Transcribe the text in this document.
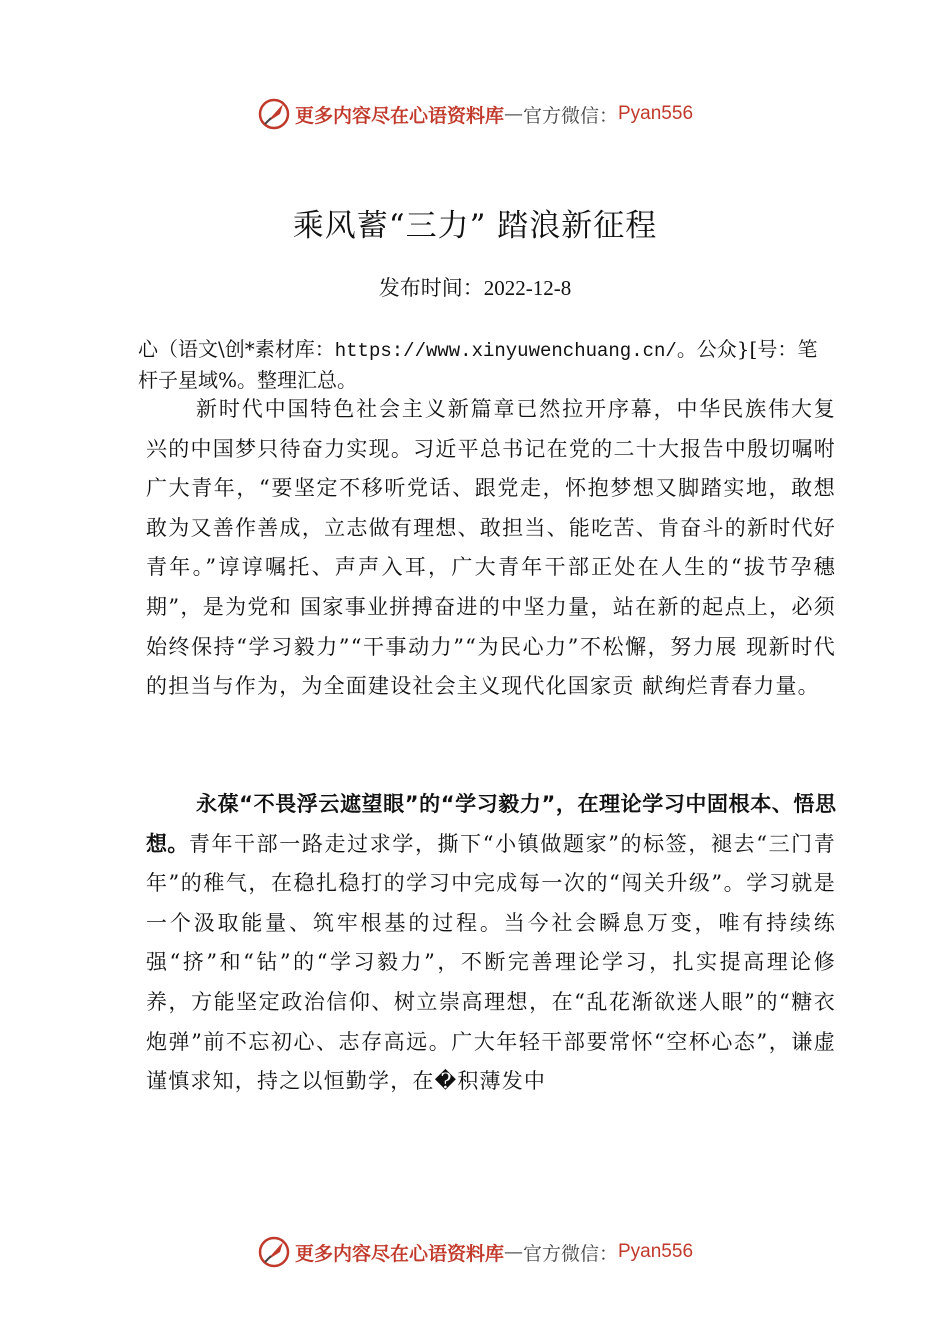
更多内容尽在心语资料库 — 官方微信： Pyan556
乘风蓄“三力” 踏浪新征程
发布时间：2022-12-8
心（语文\创*素材库：https://www.xinyuwenchuang.cn/。公众}[号：笔杆子星域%。整理汇总。

新时代中国特色社会主义新篇章已然拉开序幕，中华民族伟大复兴的中国梦只待奋力实现。习近平总书记在党的二十大报告中殷切嘱咐广大青年，“要坚定不移听党话、跟党走，怀抱梦想又脚踏实地，敢想敢为又善作善成，立志做有理想、敢担当、能吃苦、肯奋斗的新时代好青年。”谆谆嘱托、声声入耳，广大青年干部正处在人生的“拔节孕穗期”，是为党和 国家事业拼搏奋进的中坚力量，站在新的起点上，必须始终保持“学习毅力”“干事动力”“为民心力”不松懈，努力展 现新时代的担当与作为，为全面建设社会主义现代化国家贡 献绚烂青春力量。

永葆“不畏浮云遮望眼”的“学习毅力”，在理论学习中固根本、悟思想。青年干部一路走过求学，撕下“小镇做题家”的标签，褪去“三门青年”的稚气，在稳扎稳打的学习中完成每一次的“闯关升级”。学习就是一个汲取能量、筑牢根基的过程。当今社会瞬息万变，唯有持续练强“挤”和“钻”的“学习毅力”，不断完善理论学习，扎实提高理论修养，方能坚定政治信仰、树立崇高理想，在“乱花渐欲迷人眼”的“糖衣炮弹”前不忘初心、志存高远。广大年轻干部要常怀“空杯心态”，谦虚谨慎求知，持之以恒勤学，在�积薄发中

更多内容尽在心语资料库 — 官方微信： Pyan556
